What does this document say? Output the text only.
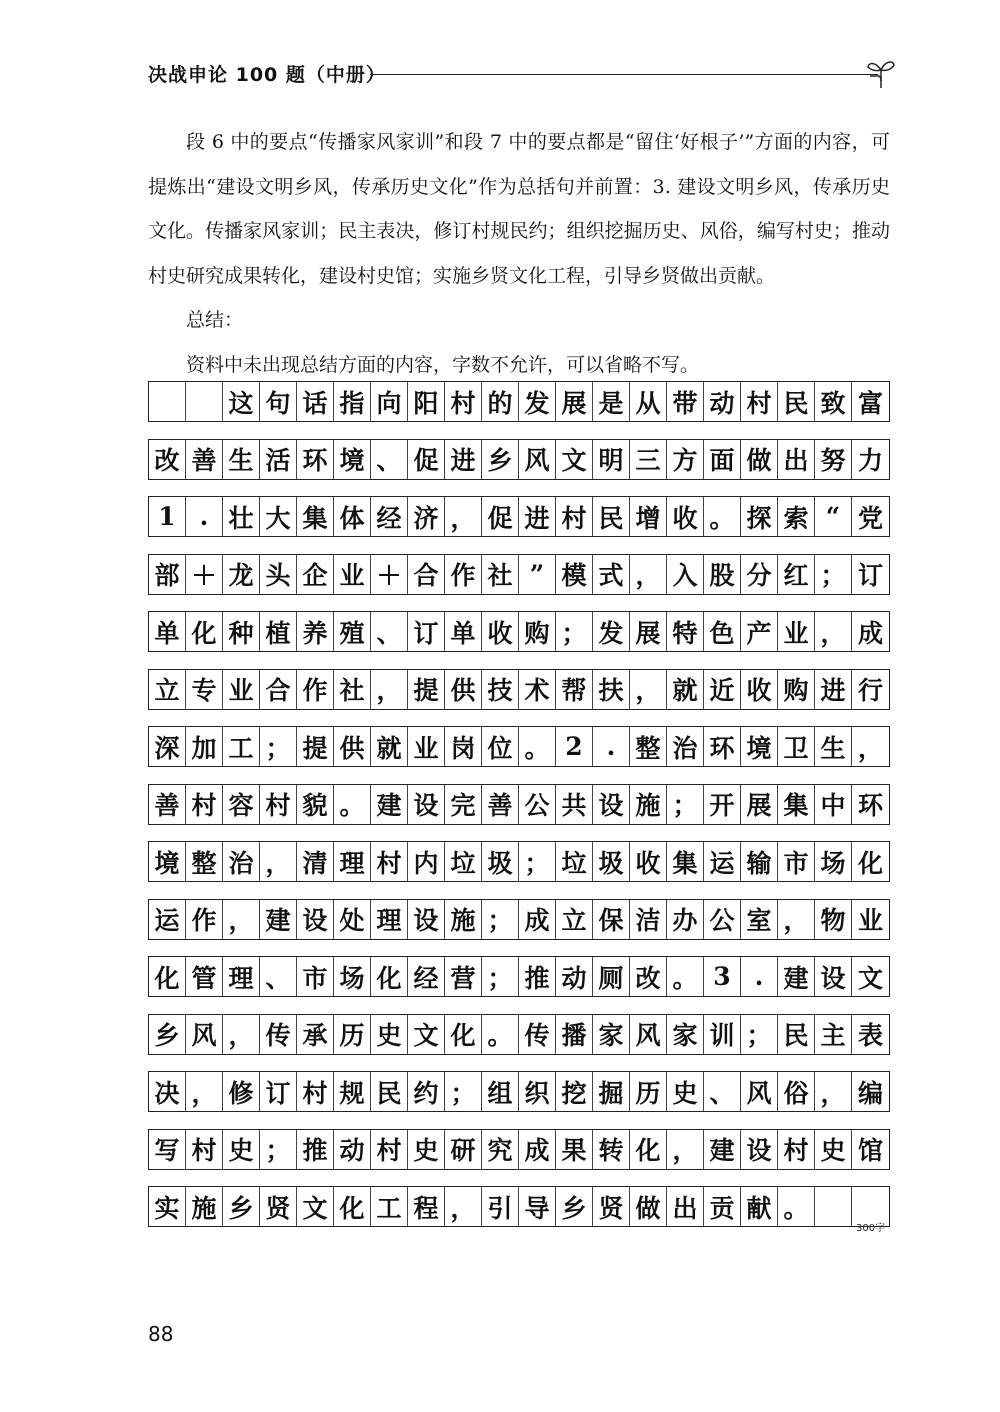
决战申论 100 题（中册）

段 6 中的要点“传播家风家训”和段 7 中的要点都是“留住‘好根子’”方面的内容，可提炼出“建设文明乡风，传承历史文化”作为总括句并前置：3. 建设文明乡风，传承历史文化。传播家风家训；民主表决，修订村规民约；组织挖掘历史、风俗，编写村史；推动村史研究成果转化，建设村史馆；实施乡贤文化工程，引导乡贤做出贡献。

总结：

资料中未出现总结方面的内容，字数不允许，可以省略不写。

这 句 话 指 向 阳 村 的 发 展 是 从 带 动 村 民 致 富
改 善 生 活 环 境 、 促 进 乡 风 文 明 三 方 面 做 出 努 力
1 . 壮 大 集 体 经 济 ， 促 进 村 民 增 收 。 探 索 “ 党
部 ＋ 龙 头 企 业 ＋ 合 作 社 ” 模 式 ， 入 股 分 红 ； 订
单 化 种 植 养 殖 、 订 单 收 购 ； 发 展 特 色 产 业 ， 成
立 专 业 合 作 社 ， 提 供 技 术 帮 扶 ， 就 近 收 购 进 行
深 加 工 ； 提 供 就 业 岗 位 。 2 . 整 治 环 境 卫 生 ，
善 村 容 村 貌 。 建 设 完 善 公 共 设 施 ； 开 展 集 中 环
境 整 治 ， 清 理 村 内 垃 圾 ； 垃 圾 收 集 运 输 市 场 化
运 作 ， 建 设 处 理 设 施 ； 成 立 保 洁 办 公 室 ， 物 业
化 管 理 、 市 场 化 经 营 ； 推 动 厕 改 。 3 . 建 设 文
乡 风 ， 传 承 历 史 文 化 。 传 播 家 风 家 训 ； 民 主 表
决 ， 修 订 村 规 民 约 ； 组 织 挖 掘 历 史 、 风 俗 ， 编
写 村 史 ； 推 动 村 史 研 究 成 果 转 化 ， 建 设 村 史 馆
实 施 乡 贤 文 化 工 程 ， 引 导 乡 贤 做 出 贡 献 。
300字
88
